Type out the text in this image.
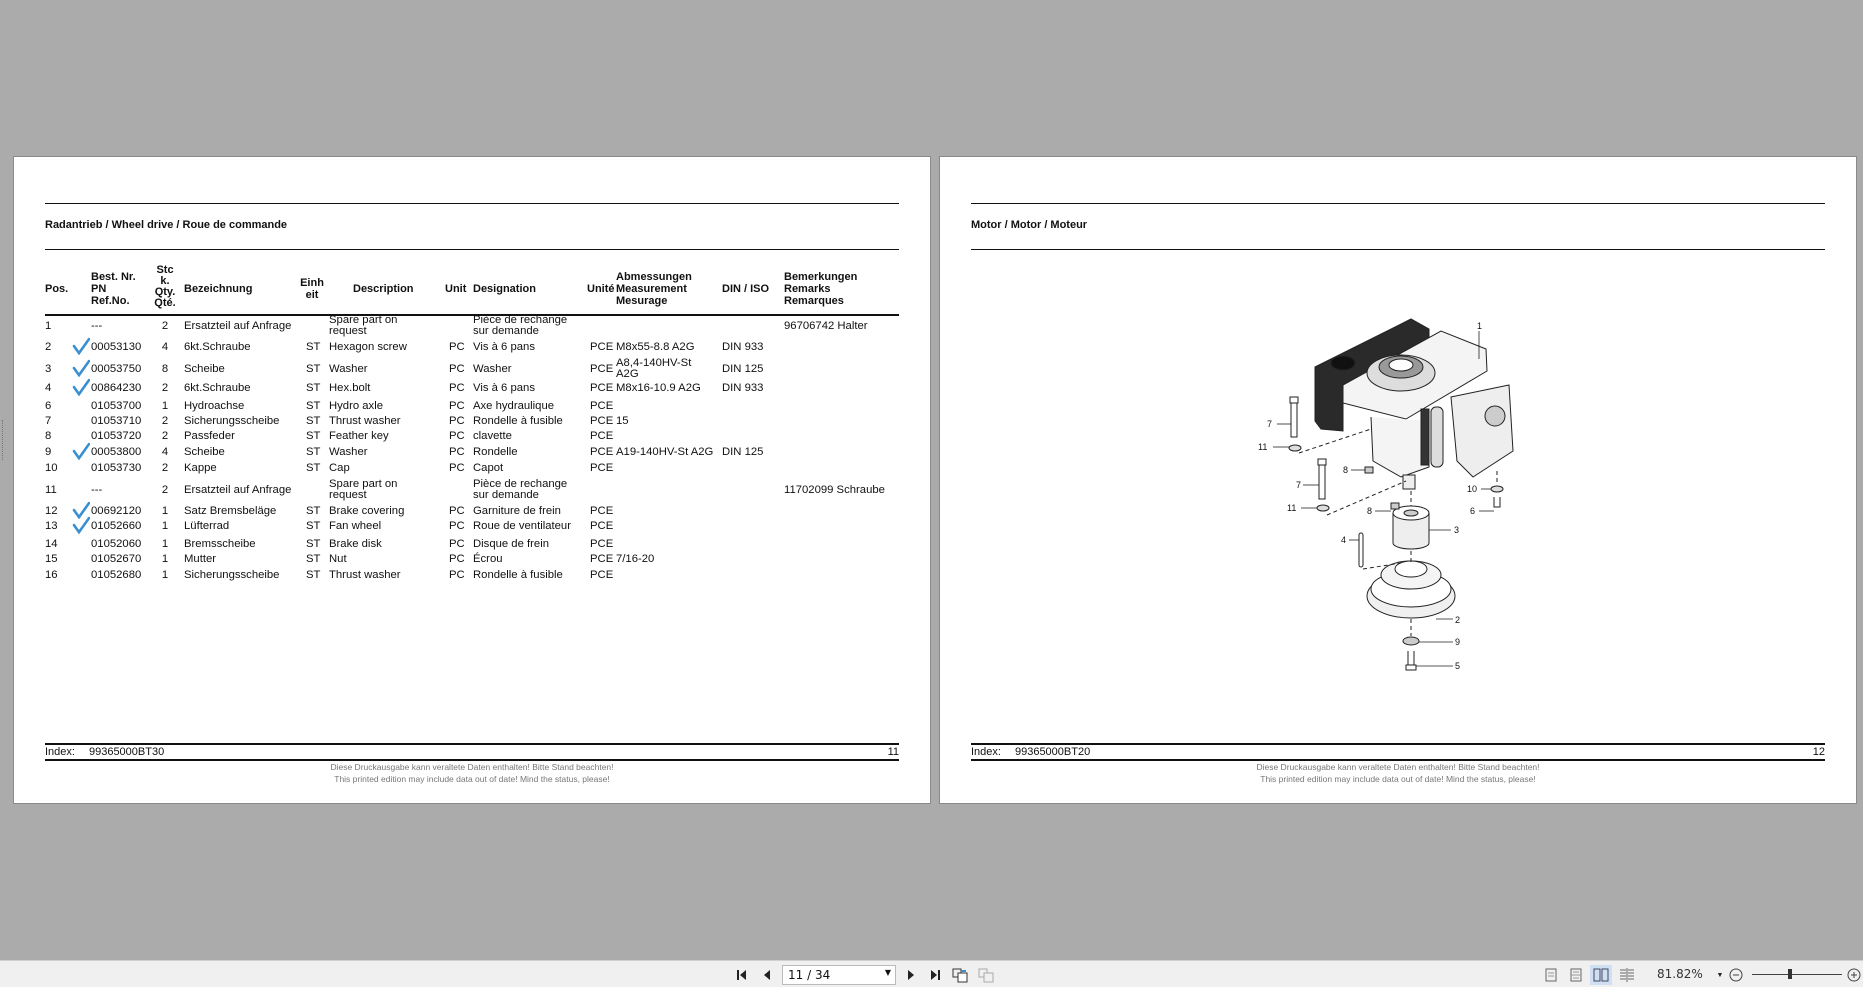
Radantrieb / Wheel drive / Roue de commande
Pos.
Best. Nr.
PN
Ref.No.
Stc
k.
Qty.
Qté.
Bezeichnung	Einh
eit	Description	Unit Designation	Unité
Abmessungen
Measurement
Mesurage
DIN / ISO
Bemerkungen
Remarks
Remarques
1	---	2	Ersatzteil auf Anfrage	Spare part on
request
Pièce de rechange
sur demande	96706742 Halter
2	00053130	4	6kt.Schraube	ST Hexagon screw	PC Vis à 6 pans	PCE M8x55-8.8 A2G DIN 933
3	00053750	8	Scheibe	ST Washer	PC Washer	PCE A8,4-140HV-St
A2G	DIN 125
4	00864230	2	6kt.Schraube	ST Hex.bolt	PC Vis à 6 pans	PCE M8x16-10.9 A2G DIN 933
6	01053700	1	Hydroachse	ST Hydro axle	PC Axe hydraulique	PCE
7	01053710	2	Sicherungsscheibe ST Thrust washer	PC Rondelle à fusible PCE 15
8	01053720	2	Passfeder	ST Feather key	PC clavette	PCE
9	00053800	4	Scheibe	ST Washer	PC Rondelle	PCE A19-140HV-St A2G DIN 125
10	01053730	2	Kappe	ST Cap	PC Capot	PCE
11	---	2	Ersatzteil auf Anfrage	Spare part on
request
Pièce de rechange
sur demande	11702099 Schraube
12	00692120	1	Satz Bremsbeläge	ST Brake covering	PC Garniture de frein	PCE
13	01052660	1	Lüfterrad	ST Fan wheel	PC Roue de ventilateur PCE
14	01052060	1	Bremsscheibe	ST Brake disk	PC Disque de frein	PCE
15	01052670	1	Mutter	ST Nut	PC Écrou	PCE 7/16-20
16	01052680	1	Sicherungsscheibe ST Thrust washer	PC Rondelle à fusible PCE
Index: 99365000BT30	11
Diese Druckausgabe kann veraltete Daten enthalten! Bitte Stand beachten!
This printed edition may include data out of date! Mind the status, please!
Motor / Motor / Moteur
1
7
11
8
7
11	8
10
6
3
4
2
9
5
Index: 99365000BT20	12
Diese Druckausgabe kann veraltete Daten enthalten! Bitte Stand beachten!
This printed edition may include data out of date! Mind the status, please!
11 / 34	▼	81.82% ▼
